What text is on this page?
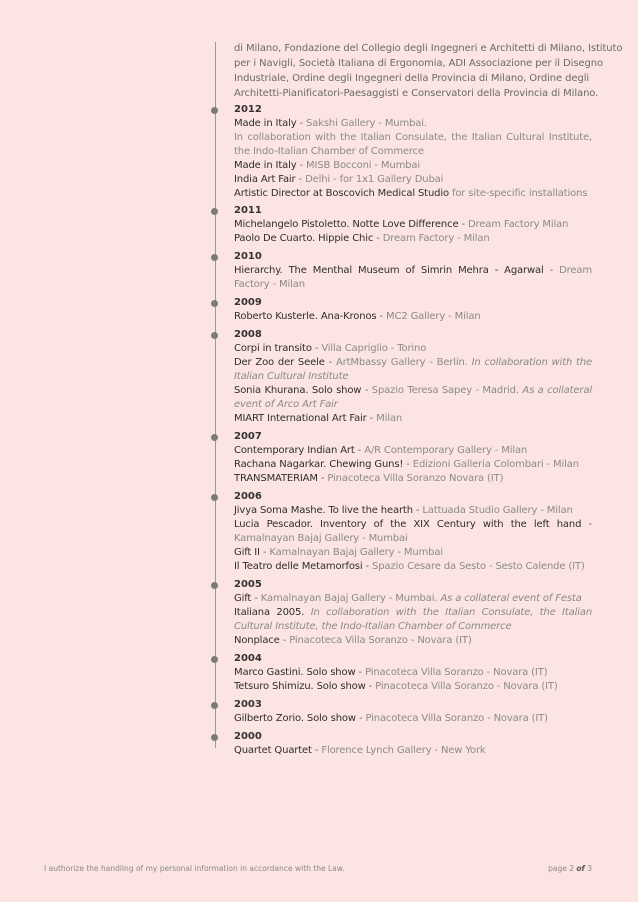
di Milano, Fondazione del Collegio degli Ingegneri e Architetti di Milano, Istituto
per i Navigli, Società Italiana di Ergonomia, ADI Associazione per il Disegno
Industriale, Ordine degli Ingegneri della Provincia di Milano, Ordine degli
Architetti-Pianificatori-Paesaggisti e Conservatori della Provincia di Milano.
2012
Made in Italy - Sakshi Gallery - Mumbai.
In collaboration with the Italian Consulate, the Italian Cultural Institute, the Indo-Italian Chamber of Commerce
Made in Italy - MISB Bocconi - Mumbai
India Art Fair - Delhi - for 1x1 Gallery Dubai
Artistic Director at Boscovich Medical Studio for site-specific installations
2011
Michelangelo Pistoletto. Notte Love Difference - Dream Factory Milan
Paolo De Cuarto. Hippie Chic - Dream Factory - Milan
2010
Hierarchy. The Menthal Museum of Simrin Mehra - Agarwal - Dream Factory - Milan
2009
Roberto Kusterle. Ana-Kronos - MC2 Gallery - Milan
2008
Corpi in transito - Villa Capriglio - Torino
Der Zoo der Seele - ArtMbassy Gallery - Berlin. In collaboration with the Italian Cultural Institute
Sonia Khurana. Solo show - Spazio Teresa Sapey - Madrid. As a collateral event of Arco Art Fair
MIART International Art Fair - Milan
2007
Contemporary Indian Art - A/R Contemporary Gallery - Milan
Rachana Nagarkar. Chewing Guns! - Edizioni Galleria Colombari - Milan
TRANSMATERIAM - Pinacoteca Villa Soranzo Novara (IT)
2006
Jivya Soma Mashe. To live the hearth - Lattuada Studio Gallery - Milan
Lucia Pescador. Inventory of the XIX Century with the left hand - Kamalnayan Bajaj Gallery - Mumbai
Gift II - Kamalnayan Bajaj Gallery - Mumbai
Il Teatro delle Metamorfosi - Spazio Cesare da Sesto - Sesto Calende (IT)
2005
Gift - Kamalnayan Bajaj Gallery - Mumbai. As a collateral event of Festa
Italiana 2005. In collaboration with the Italian Consulate, the Italian Cultural Institute, the Indo-Italian Chamber of Commerce
Nonplace - Pinacoteca Villa Soranzo - Novara (IT)
2004
Marco Gastini. Solo show - Pinacoteca Villa Soranzo - Novara (IT)
Tetsuro Shimizu. Solo show - Pinacoteca Villa Soranzo - Novara (IT)
2003
Gilberto Zorio. Solo show - Pinacoteca Villa Soranzo - Novara (IT)
2000
Quartet Quartet - Florence Lynch Gallery - New York
I authorize the handling of my personal information in accordance with the Law.	page 2 of 3
